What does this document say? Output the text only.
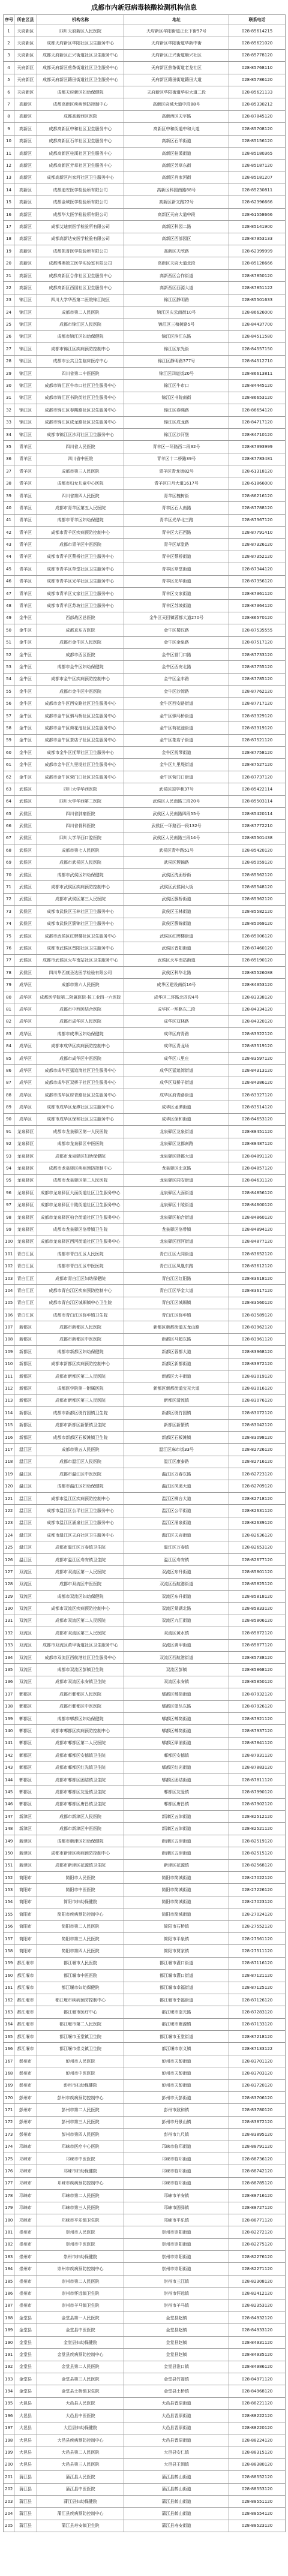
成都市内新冠病毒核酸检测机构信息
序号	所在区县	机构名称	地址	联系电话
1	天府新区	四川天府新区人民医院	天府新区华阳街道正北下街97号	028-85614215
2	天府新区	成都天府新区华阳社区卫生服务中心	天府新区华阳街道华新中街	028-85621020
3	天府新区	成都天府新区正兴街道社区卫生服务中心	天府新区正兴街道顺兴社区	028-85778120
4	天府新区	成都天府新区煎茶街道社区卫生服务中心	天府新区煎茶街道老龙社区	028-85768110
5	天府新区	成都天府新区籍田街道社区卫生服务中心	天府新区籍田街道籍田大道	028-85786120
6	天府新区	成都天府新区妇幼保健院	天府新区华阳街道华府大道二段	028-85621133
7	高新区	成都高新区疾病预防控制中心	高新区府城大道中段88号	028-85330212
8	高新区	成都高新西区医院	高新西区天宇路	028-87845120
9	高新区	成都高新区中和社区卫生服务中心	高新区中和街道中和大道	028-85708120
10	高新区	成都高新区石羊社区卫生服务中心	高新区石羊街道	028-85156120
11	高新区	成都高新区桂溪社区卫生服务中心	高新区桂溪街道	028-85180365
12	高新区	成都高新区芳草社区卫生服务中心	高新区芳草东街	028-85187120
13	高新区	成都高新区肖家河社区卫生服务中心	高新区肖家河街	028-85181207
14	高新区	成都迪安医学检验所有限公司	高新区科园南路88号	028-85230811
15	高新区	成都金域医学检验所有限公司	高新区新文路22号	028-62396666
16	高新区	成都华大医学检验所有限公司	高新区天府大道中段	028-61558666
17	高新区	成都艾迪康医学检验所有限公司	高新区科园二路	028-85141900
18	高新区	成都高新达安医学检验有限公司	高新区西部园区	028-87953133
19	高新区	成都凯普医学检验所有限公司	高新区天欣路	028-62399999
20	高新区	成都博奥独立医学实验室有限公司	高新区天府大道北段	028-85128666
21	高新区	成都高新区合作社区卫生服务中心	高新西区合作街道	028-87850120
22	高新区	成都高新区西园社区卫生服务中心	高新西区西源大道	028-87851122
23	锦江区	四川大学华西第二医院锦江院区	锦江区静明路	028-85501633
24	锦江区	成都市第二人民医院	锦江区庆云南街10号	028-86626000
25	锦江区	成都市锦江区人民医院	锦江区三槐树路5号	028-84437700
26	锦江区	成都市锦江区妇幼保健院	锦江区滨江东路	028-84511580
27	锦江区	成都市锦江区疾病预防控制中心	锦江区东光街	028-84557150
28	锦江区	成都市公共卫生临床医疗中心	锦江区静明路377号	028-84512710
29	锦江区	四川省第二中医医院	锦江区四道街20号	028-86613811
30	锦江区	成都市锦江区牛市口社区卫生服务中心	锦江区牛市口	028-84445120
31	锦江区	成都市锦江区书院街社区卫生服务中心	锦江区书院南街	028-86653120
32	锦江区	成都市锦江区春熙路社区卫生服务中心	锦江区春熙路	028-86654120
33	锦江区	成都市锦江区成龙路社区卫生服务中心	锦江区成龙路	028-84717120
34	锦江区	成都市锦江区沙河社区卫生服务中心	锦江区沙河堡	028-84710120
35	青羊区	四川省人民医院	青羊区一环路西二段32号	028-87393999
36	青羊区	四川省中医院	青羊区十二桥路39号	028-87783481
37	青羊区	成都市第三人民医院	青羊区青龙街82号	028-61318120
38	青羊区	成都市妇女儿童中心医院	青羊区日月大道1617号	028-61866000
39	青羊区	四川省第四人民医院	青羊区槐树街	028-86216120
40	青羊区	成都市青羊区第五人民医院	青羊区石人南路	028-87788120
41	青羊区	成都市青羊区妇幼保健院	青羊区光华北三路	028-87367120
42	青羊区	成都市青羊区疾病预防控制中心	青羊区大石西路	028-87791410
43	青羊区	成都市青羊区中医医院	青羊区草堂路	028-87326120
44	青羊区	成都市青羊区蔡桥社区卫生服务中心	青羊区蔡桥街道	028-87352120
45	青羊区	成都市青羊区草堂社区卫生服务中心	青羊区草堂街道	028-87344120
46	青羊区	成都市青羊区光华社区卫生服务中心	青羊区光华街道	028-87356120
47	青羊区	成都市青羊区文家社区卫生服务中心	青羊区文家街道	028-87361120
48	青羊区	成都市青羊区苏坡社区卫生服务中心	青羊区苏坡街道	028-87364120
49	金牛区	西部战区总医院	金牛区天回镇蓉都大道270号	028-86570120
50	金牛区	成都京东方医院	金牛区蜀汉路	028-87535555
51	金牛区	成都市金牛区人民医院	金牛区金泉路	028-87517120
52	金牛区	成都市西区医院	金牛区营门口路	028-87733120
53	金牛区	成都市金牛区妇幼保健院	金牛区西安北路	028-87755120
54	金牛区	成都市金牛区疾病预防控制中心	金牛区金丰路	028-87785120
55	金牛区	成都市金牛区中医医院	金牛区沙湾路	028-87762120
56	金牛区	成都市金牛区西安路社区卫生服务中心	金牛区西安路街道	028-87717120
57	金牛区	成都市金牛区驷马桥社区卫生服务中心	金牛区驷马桥街道	028-83329120
58	金牛区	成都市金牛区荷花池社区卫生服务中心	金牛区荷花池街道	028-83319120
59	金牛区	成都市金牛区茶店子社区卫生服务中心	金牛区茶店子街道	028-87521120
60	金牛区	成都市金牛区抚琴社区卫生服务中心	金牛区抚琴街道	028-87758120
61	金牛区	成都市金牛区九里堤社区卫生服务中心	金牛区九里堤街道	028-87527120
62	金牛区	成都市金牛区营门口社区卫生服务中心	金牛区营门口街道	028-87737120
63	武侯区	四川大学华西医院	武侯区国学巷37号	028-85422114
64	武侯区	四川大学华西第二医院	武侯区人民南路三段20号	028-85503114
65	武侯区	四川省肿瘤医院	武侯区人民南路四段55号	028-85420114
66	武侯区	四川省骨科医院	武侯区一环路西一段132号	028-87772210
67	武侯区	四川大学华西口腔医院	武侯区人民南路三段14号	028-85501438
68	武侯区	成都市第七人民医院	武侯区青年路51号	028-85420120
69	武侯区	成都市武侯区人民医院	武侯区簇锦路	028-85059120
70	武侯区	成都市武侯区妇幼保健院	武侯区洗面桥街	028-85562120
71	武侯区	成都市武侯区疾病预防控制中心	武侯区武侯祠大街	028-85548120
72	武侯区	成都市武侯区第三人民医院	武侯区簇桥街道	028-85362120
73	武侯区	成都市武侯区玉林社区卫生服务中心	武侯区玉林街道	028-85582120
74	武侯区	成都市武侯区簇锦社区卫生服务中心	武侯区簇锦街道	028-85069120
75	武侯区	成都市武侯区红牌楼社区卫生服务中心	武侯区红牌楼街道	028-85006120
76	武侯区	成都市武侯区晋阳社区卫生服务中心	武侯区晋阳街道	028-87460120
77	武侯区	成都市武侯区火车南站社区卫生服务中心	武侯区火车南站街道	028-85190120
78	武侯区	四川华西康圣达医学检验有限公司	武侯区科华北路	028-85526088
79	成华区	成都市第六人民医院	成华区建设南街16号	028-84353120
80	成华区	成都医学院第二附属医院·核工业四一六医院	成华区二环路北四段4号	028-83338120
81	成华区	成都市中西医结合医院	成华区一环路东二段	028-84334120
82	成华区	成都市成华区人民医院	成华区双林路	028-84320120
83	成华区	成都市成华区妇幼保健院	成华区府青路	028-83322120
84	成华区	成都市成华区疾病预防控制中心	成华区青龙场	028-83519120
85	成华区	成都市成华区中医医院	成华区八里庄	028-83597120
86	成华区	成都市成华区猛追湾社区卫生服务中心	成华区猛追湾街道	028-84313120
87	成华区	成都市成华区双桥子社区卫生服务中心	成华区双桥子街道	028-84386120
88	成华区	成都市成华区府青路社区卫生服务中心	成华区府青路街道	028-83327120
89	成华区	成都市成华区龙潭社区卫生服务中心	成华区龙潭街道	028-83514120
90	成华区	成都市成华区保和社区卫生服务中心	成华区保和街道	028-84653120
91	龙泉驿区	成都市龙泉驿区第一人民医院	龙泉驿区龙泉街道	028-88451120
92	龙泉驿区	成都市龙泉驿区中医医院	龙泉驿区龙都南路	028-88487120
93	龙泉驿区	成都市龙泉驿区妇幼保健院	龙泉驿区驿都大道	028-84891120
94	龙泉驿区	成都市龙泉驿区疾病预防控制中心	龙泉驿区北京路	028-84857120
95	龙泉驿区	成都市龙泉驿区第二人民医院	龙泉驿区同安街道	028-84631120
96	龙泉驿区	成都市龙泉驿区大面街道社区卫生服务中心	龙泉驿区大面街道	028-84856120
97	龙泉驿区	成都市龙泉驿区十陵街道社区卫生服务中心	龙泉驿区十陵街道	028-84600120
98	龙泉驿区	成都市龙泉驿区柏合街道社区卫生服务中心	龙泉驿区柏合街道	028-84860120
99	龙泉驿区	成都市龙泉驿区洛带镇卫生院	龙泉驿区洛带镇	028-84894120
100	龙泉驿区	成都市龙泉驿区西河街道社区卫生服务中心	龙泉驿区西河街道	028-84877120
101	青白江区	成都市青白江区人民医院	青白江区大同街道	028-83652120
102	青白江区	成都市青白江区中医医院	青白江区凤凰东路	028-83612120
103	青白江区	成都市青白江区妇幼保健院	青白江区红阳路	028-83618120
104	青白江区	成都市青白江区疾病预防控制中心	青白江区华金大道	028-83617120
105	青白江区	成都市青白江区城厢镇中心卫生院	青白江区城厢镇	028-83560120
106	青白江区	成都市青白江区弥牟镇卫生院	青白江区弥牟镇	028-83589120
107	新都区	成都市新都区人民医院	新都区新都街道五龙山路	028-83962120
108	新都区	成都市新都区中医医院	新都区马超东路	028-83961120
109	新都区	成都市新都区妇幼保健院	新都区蓉都大道	028-83968120
110	新都区	成都市新都区疾病预防控制中心	新都区新都街道	028-83972120
111	新都区	成都市新都区第二人民医院	新都区大丰街道	028-83019120
112	新都区	成都医学院第一附属医院	新都区新都街道宝光大道	028-83016120
113	新都区	成都市新都区第三人民医院	新都区清流镇	028-83076120
114	新都区	成都市新都区斑竹园镇卫生院	新都区斑竹园镇	028-83072120
115	新都区	成都市新都区新繁镇卫生院	新都区新繁镇	028-83042120
116	新都区	成都市新都区石板滩镇卫生院	新都区石板滩镇	028-83098120
117	温江区	成都市第五人民医院	温江区麻市街33号	028-82726120
118	温江区	成都市温江区人民医院	温江区康泰路	028-82716120
119	温江区	成都市温江区中医医院	温江区万春东路	028-82723120
120	温江区	成都市温江区妇幼保健院	温江区凤溪大道	028-82709120
121	温江区	成都市温江区疾病预防控制中心	温江区柳台大道	028-82718120
122	温江区	成都市温江区公平社区卫生服务中心	温江区公平街道	028-82631120
123	温江区	成都市温江区涌泉社区卫生服务中心	温江区涌泉街道	028-82639120
124	温江区	成都市温江区天府社区卫生服务中心	温江区天府街道	028-82636120
125	温江区	成都市温江区万春镇卫生院	温江区万春镇	028-82653120
126	温江区	成都市温江区寿安镇卫生院	温江区寿安镇	028-82677120
127	双流区	成都市双流区第一人民医院	双流区东升街道	028-85801120
128	双流区	成都市双流区中医医院	双流区西航港街道	028-85825120
129	双流区	成都市双流区妇幼保健院	双流区东升街道	028-85818120
130	双流区	成都市双流区疾病预防控制中心	双流区棠湖北路	028-85833120
131	双流区	成都市双流区第二人民医院	双流区九江街道	028-85806120
132	双流区	成都市双流区第三人民医院	双流区黄水镇	028-85872120
133	双流区	成都市双流区黄甲街道社区卫生服务中心	双流区黄甲街道	028-85877120
134	双流区	成都市双流区西航港社区卫生服务中心	双流区西航港街道	028-85738120
135	双流区	成都市双流区彭镇卫生院	双流区彭镇	028-85868120
136	双流区	成都市双流区永安镇卫生院	双流区永安镇	028-85850120
137	郫都区	成都市郫都区人民医院	郫都区郫筒街道	028-87932120
138	郫都区	成都市郫都区中医医院	郫都区望丛东路	028-87926120
139	郫都区	成都市郫都区妇幼保健院	郫都区郫筒街道	028-87921120
140	郫都区	成都市郫都区疾病预防控制中心	郫都区郫筒街道	028-87937120
141	郫都区	成都市郫都区第二人民医院	郫都区犀浦街道	028-87841120
142	郫都区	成都市郫都区安德镇卫生院	郫都区安德镇	028-87931120
143	郫都区	成都市郫都区红光镇卫生院	郫都区红光街道	028-87883120
144	郫都区	成都市郫都区团结镇卫生院	郫都区团结街道	028-87811120
145	郫都区	成都市郫都区友爱镇卫生院	郫都区友爱镇	028-87990120
146	郫都区	成都市郫都区唐昌镇卫生院	郫都区唐昌镇	028-87902120
147	新津区	成都市新津区人民医院	新津区五津街道	028-82512120
148	新津区	成都市新津区中医医院	新津区五津街道	028-82521120
149	新津区	成都市新津区妇幼保健院	新津区五津街道	028-82519120
150	新津区	成都市新津区疾病预防控制中心	新津区五津街道	028-82515120
151	新津区	成都市新津区花源镇卫生院	新津区花源镇	028-82568120
152	简阳市	简阳市人民医院	简阳市简城街道	028-27022120
153	简阳市	简阳市中医医院	简阳市简城街道	028-27226120
154	简阳市	简阳市妇幼保健院	简阳市简城街道	028-27023120
155	简阳市	简阳市疾病预防控制中心	简阳市简城街道	028-27024120
156	简阳市	简阳市第二人民医院	简阳市石桥镇	028-27552120
157	简阳市	简阳市第三人民医院	简阳市平泉镇	028-27561120
158	简阳市	简阳市第四人民医院	简阳市贾家镇	028-27511120
159	都江堰市	都江堰市人民医院	都江堰市灌口街道	028-87116120
160	都江堰市	都江堰市中医医院	都江堰市灌口街道	028-87121120
161	都江堰市	都江堰市妇幼保健院	都江堰市幸福街道	028-87125120
162	都江堰市	都江堰市疾病预防控制中心	都江堰市幸福街道	028-87126120
163	都江堰市	都江堰市医疗中心	都江堰市奎光路	028-87283120
164	都江堰市	都江堰市第二人民医院	都江堰市聚源镇	028-87133120
165	都江堰市	都江堰市玉堂镇卫生院	都江堰市玉堂街道	028-87218120
166	都江堰市	都江堰市崇义镇卫生院	都江堰市崇义镇	028-87133122
167	彭州市	彭州市人民医院	彭州市天彭街道	028-83701120
168	彭州市	彭州市中医医院	彭州市天彭街道	028-83703120
169	彭州市	彭州市妇幼保健院	彭州市天彭街道	028-83720120
170	彭州市	彭州市疾病预防控制中心	彭州市天彭街道	028-83706120
171	彭州市	彭州市第二人民医院	彭州市致和镇	028-83780120
172	彭州市	彭州市第三人民医院	彭州市丹景山镇	028-83872120
173	彭州市	彭州市第四人民医院	彭州市九尺镇	028-83895120
174	邛崃市	邛崃市医疗中心医院	邛崃市临邛街道	028-88791120
175	邛崃市	邛崃市中医医院	邛崃市临邛街道	028-88736120
176	邛崃市	邛崃市妇幼保健院	邛崃市临邛街道	028-88742120
177	邛崃市	邛崃市疾病预防控制中心	邛崃市临邛街道	028-88785120
178	邛崃市	邛崃市第二人民医院	邛崃市羊安镇	028-88716120
179	邛崃市	邛崃市第三人民医院	邛崃市固驿镇	028-88727120
180	邛崃市	邛崃市平乐镇卫生院	邛崃市平乐镇	028-88771120
181	崇州市	崇州市人民医院	崇州市崇阳街道	028-82272120
182	崇州市	崇州市中医医院	崇州市崇阳街道	028-82275120
183	崇州市	崇州市妇幼保健院	崇州市崇阳街道	028-82276120
184	崇州市	崇州市疾病预防控制中心	崇州市崇阳街道	028-82271120
185	崇州市	崇州市第二人民医院	崇州市三江镇	028-82308120
186	崇州市	崇州市怀远镇卫生院	崇州市怀远镇	028-82412120
187	崇州市	崇州市羊马镇卫生院	崇州市羊马镇	028-82353120
188	金堂县	金堂县第一人民医院	金堂县赵镇	028-84932120
189	金堂县	金堂县中医医院	金堂县赵镇	028-84933120
190	金堂县	金堂县妇幼保健院	金堂县赵镇	028-84931120
191	金堂县	金堂县疾病预防控制中心	金堂县赵镇	028-84935120
192	金堂县	金堂县第二人民医院	金堂县淮口镇	028-84986120
193	金堂县	金堂县第三人民医院	金堂县竹篙镇	028-84971120
194	金堂县	金堂县土桥镇卫生院	金堂县土桥镇	028-84968120
195	大邑县	大邑县人民医院	大邑县晋原街道	028-88221120
196	大邑县	大邑县中医医院	大邑县晋原街道	028-88222120
197	大邑县	大邑县妇幼保健院	大邑县晋原街道	028-88220120
198	大邑县	大邑县疾病预防控制中心	大邑县晋原街道	028-88224120
199	大邑县	大邑县第二人民医院	大邑县安仁镇	028-88315120
200	大邑县	大邑县第三人民医院	大邑县王泗镇	028-88380120
201	蒲江县	蒲江县人民医院	蒲江县鹤山街道	028-88552120
202	蒲江县	蒲江县中医医院	蒲江县鹤山街道	028-88553120
203	蒲江县	蒲江县妇幼保健院	蒲江县鹤山街道	028-88551120
204	蒲江县	蒲江县疾病预防控制中心	蒲江县鹤山街道	028-88554120
205	蒲江县	蒲江县寿安镇卫生院	蒲江县寿安街道	028-88523120
